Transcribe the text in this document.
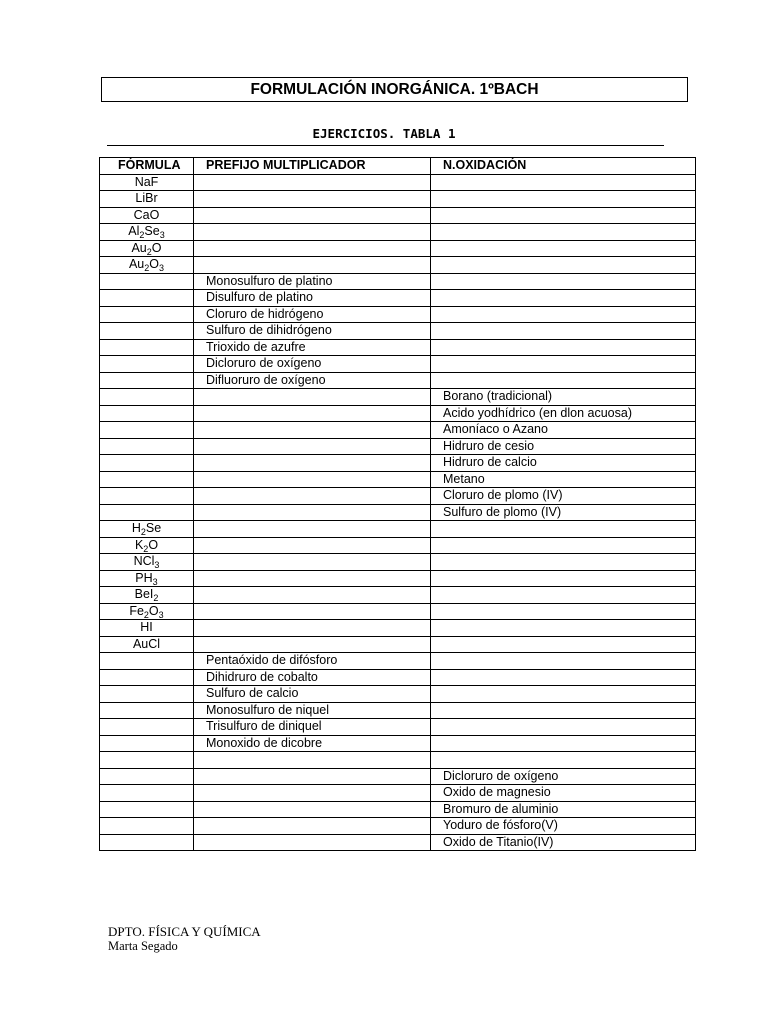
FORMULACIÓN INORGÁNICA. 1ºBACH
EJERCICIOS. TABLA 1
FÓRMULA	PREFIJO MULTIPLICADOR	N.OXIDACIÓN
NaF		
LiBr		
CaO		
$Al_2Se_3$		
$Au_2O$		
$Au_2O_3$		
	Monosulfuro de platino	
	Disulfuro de platino	
	Cloruro de hidrógeno	
	Sulfuro de dihidrógeno	
	Trioxido de azufre	
	Dicloruro de oxígeno	
	Difluoruro de oxígeno	
		Borano (tradicional)
		Acido yodhídrico (en dlon acuosa)
		Amoníaco o Azano
		Hidruro de cesio
		Hidruro de calcio
		Metano
		Cloruro de plomo (IV)
		Sulfuro de plomo (IV)
$H_2Se$		
$K_2O$		
NCl$_3$		
$PH_3$		
BeI$_2$		
$Fe_2O_3$		
HI		
AuCl		
	Pentaóxido de difósforo	
	Dihidruro de cobalto	
	Sulfuro de calcio	
	Monosulfuro de niquel	
	Trisulfuro de diniquel	
	Monoxido de dicobre	

		Dicloruro de oxígeno
		Oxido de magnesio
		Bromuro de aluminio
		Yoduro de fósforo(V)
		Oxido de Titanio(IV)
DPTO. FÍSICA Y QUÍMICA
Marta Segado
